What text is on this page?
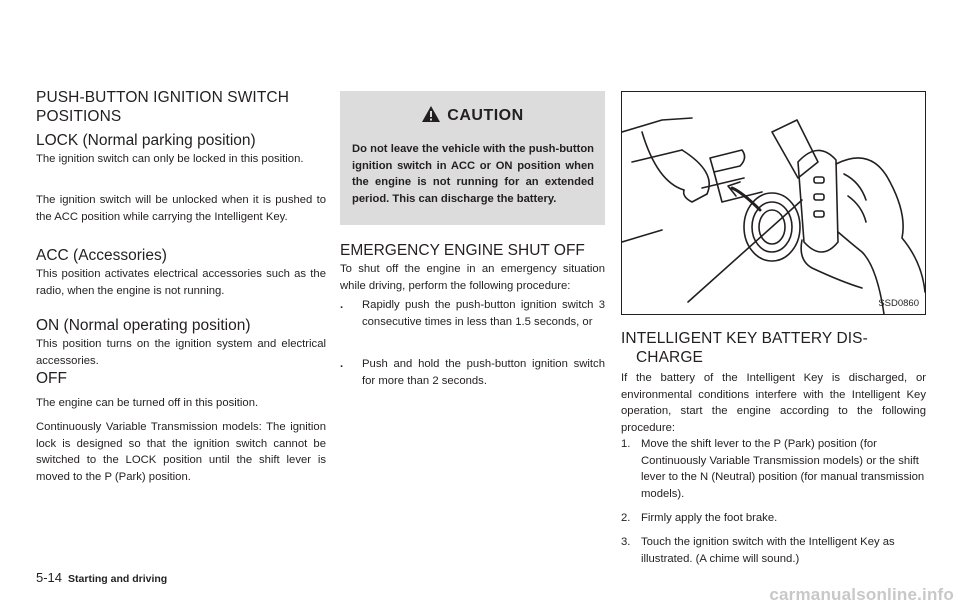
PUSH-BUTTON IGNITION SWITCH
POSITIONS
LOCK (Normal parking position)

The ignition switch can only be locked in this position.

The ignition switch will be unlocked when it is pushed to the ACC position while carrying the Intelligent Key.

ACC (Accessories)

This position activates electrical accessories such as the radio, when the engine is not running.

ON (Normal operating position)

This position turns on the ignition system and electrical accessories.

OFF

The engine can be turned off in this position.

Continuously Variable Transmission models: The ignition lock is designed so that the ignition switch cannot be switched to the LOCK position until the shift lever is moved to the P (Park) position.

CAUTION

Do not leave the vehicle with the push-button ignition switch in ACC or ON position when the engine is not running for an extended period. This can discharge the battery.

EMERGENCY ENGINE SHUT OFF

To shut off the engine in an emergency situation while driving, perform the following procedure:

. Rapidly push the push-button ignition switch 3 consecutive times in less than 1.5 seconds, or
. Push and hold the push-button ignition switch for more than 2 seconds.
SSD0860
INTELLIGENT KEY BATTERY DIS-
CHARGE

If the battery of the Intelligent Key is discharged, or environmental conditions interfere with the Intelligent Key operation, start the engine according to the following procedure:

1. Move the shift lever to the P (Park) position (for Continuously Variable Transmission models) or the shift lever to the N (Neutral) position (for manual transmission models).
2. Firmly apply the foot brake.
3. Touch the ignition switch with the Intelligent Key as illustrated. (A chime will sound.)
5-14 Starting and driving
carmanualsonline.info
